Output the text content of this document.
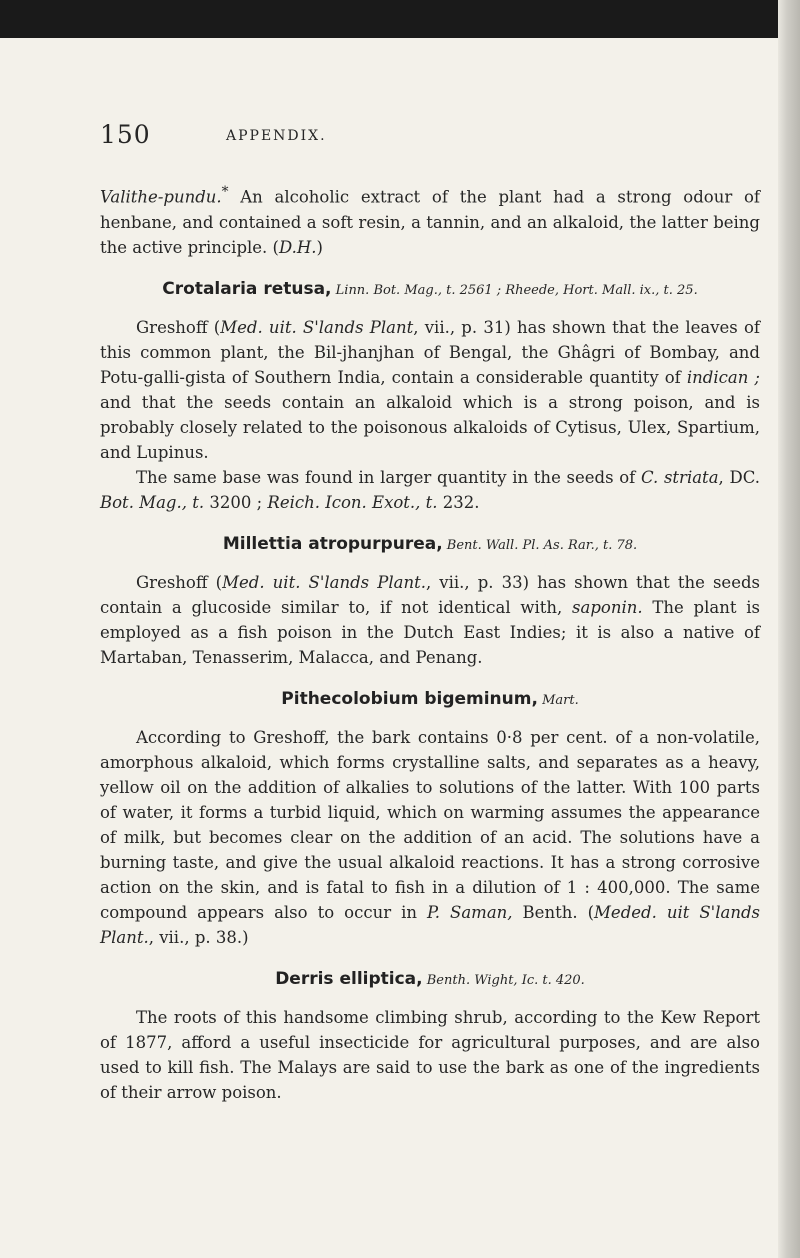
150	APPENDIX.

Valithe-pundu.* An alcoholic extract of the plant had a strong odour of henbane, and contained a soft resin, a tannin, and an alkaloid, the latter being the active principle. (D.H.)

Crotalaria retusa, Linn. Bot. Mag., t. 2561 ; Rheede, Hort. Mall. ix., t. 25.

Greshoff (Med. uit. S'lands Plant, vii., p. 31) has shown that the leaves of this common plant, the Bil-jhanjhan of Bengal, the Ghâgri of Bombay, and Potu-galli-gista of Southern India, contain a considerable quantity of indican ; and that the seeds contain an alkaloid which is a strong poison, and is probably closely related to the poisonous alkaloids of Cytisus, Ulex, Spartium, and Lupinus.

The same base was found in larger quantity in the seeds of C. striata, DC. Bot. Mag., t. 3200 ; Reich. Icon. Exot., t. 232.

Millettia atropurpurea, Bent. Wall. Pl. As. Rar., t. 78.

Greshoff (Med. uit. S'lands Plant., vii., p. 33) has shown that the seeds contain a glucoside similar to, if not identical with, saponin. The plant is employed as a fish poison in the Dutch East Indies; it is also a native of Martaban, Tenasserim, Malacca, and Penang.

Pithecolobium bigeminum, Mart.

According to Greshoff, the bark contains 0·8 per cent. of a non-volatile, amorphous alkaloid, which forms crystalline salts, and separates as a heavy, yellow oil on the addition of alkalies to solutions of the latter. With 100 parts of water, it forms a turbid liquid, which on warming assumes the appearance of milk, but becomes clear on the addition of an acid. The solutions have a burning taste, and give the usual alkaloid reactions. It has a strong corrosive action on the skin, and is fatal to fish in a dilution of 1 : 400,000. The same compound appears also to occur in P. Saman, Benth. (Meded. uit S'lands Plant., vii., p. 38.)

Derris elliptica, Benth. Wight, Ic. t. 420.

The roots of this handsome climbing shrub, according to the Kew Report of 1877, afford a useful insecticide for agricultural purposes, and are also used to kill fish. The Malays are said to use the bark as one of the ingredients of their arrow poison.
